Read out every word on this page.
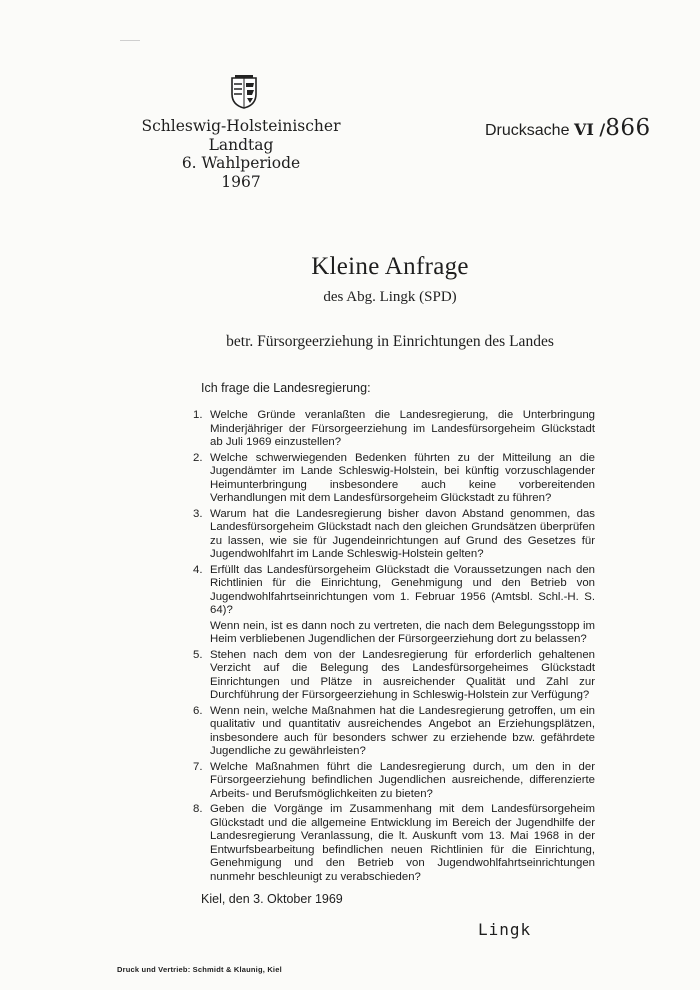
Schleswig-Holsteinischer Landtag
6. Wahlperiode
1967
Drucksache VI /866
Kleine Anfrage
des Abg. Lingk (SPD)
betr. Fürsorgeerziehung in Einrichtungen des Landes
Ich frage die Landesregierung:
1. Welche Gründe veranlaßten die Landesregierung, die Unterbringung Minderjähriger der Fürsorgeerziehung im Landesfürsorgeheim Glückstadt ab Juli 1969 einzustellen?

2. Welche schwerwiegenden Bedenken führten zu der Mitteilung an die Jugendämter im Lande Schleswig-Holstein, bei künftig vorzuschlagender Heimunterbringung insbesondere auch keine vorbereitenden Verhandlungen mit dem Landesfürsorgeheim Glückstadt zu führen?

3. Warum hat die Landesregierung bisher davon Abstand genommen, das Landesfürsorgeheim Glückstadt nach den gleichen Grundsätzen überprüfen zu lassen, wie sie für Jugendeinrichtungen auf Grund des Gesetzes für Jugendwohlfahrt im Lande Schleswig-Holstein gelten?

4. Erfüllt das Landesfürsorgeheim Glückstadt die Voraussetzungen nach den Richtlinien für die Einrichtung, Genehmigung und den Betrieb von Jugendwohlfahrtseinrichtungen vom 1. Februar 1956 (Amtsbl. Schl.-H. S. 64)?

Wenn nein, ist es dann noch zu vertreten, die nach dem Belegungsstopp im Heim verbliebenen Jugendlichen der Fürsorgeerziehung dort zu belassen?

5. Stehen nach dem von der Landesregierung für erforderlich gehaltenen Verzicht auf die Belegung des Landesfürsorgeheimes Glückstadt Einrichtungen und Plätze in ausreichender Qualität und Zahl zur Durchführung der Fürsorgeerziehung in Schleswig-Holstein zur Verfügung?

6. Wenn nein, welche Maßnahmen hat die Landesregierung getroffen, um ein qualitativ und quantitativ ausreichendes Angebot an Erziehungsplätzen, insbesondere auch für besonders schwer zu erziehende bzw. gefährdete Jugendliche zu gewährleisten?

7. Welche Maßnahmen führt die Landesregierung durch, um den in der Fürsorgeerziehung befindlichen Jugendlichen ausreichende, differenzierte Arbeits- und Berufsmöglichkeiten zu bieten?

8. Geben die Vorgänge im Zusammenhang mit dem Landesfürsorgeheim Glückstadt und die allgemeine Entwicklung im Bereich der Jugendhilfe der Landesregierung Veranlassung, die lt. Auskunft vom 13. Mai 1968 in der Entwurfsbearbeitung befindlichen neuen Richtlinien für die Einrichtung, Genehmigung und den Betrieb von Jugendwohlfahrtseinrichtungen nunmehr beschleunigt zu verabschieden?

Kiel, den 3. Oktober 1969
Lingk
Druck und Vertrieb: Schmidt & Klaunig, Kiel
